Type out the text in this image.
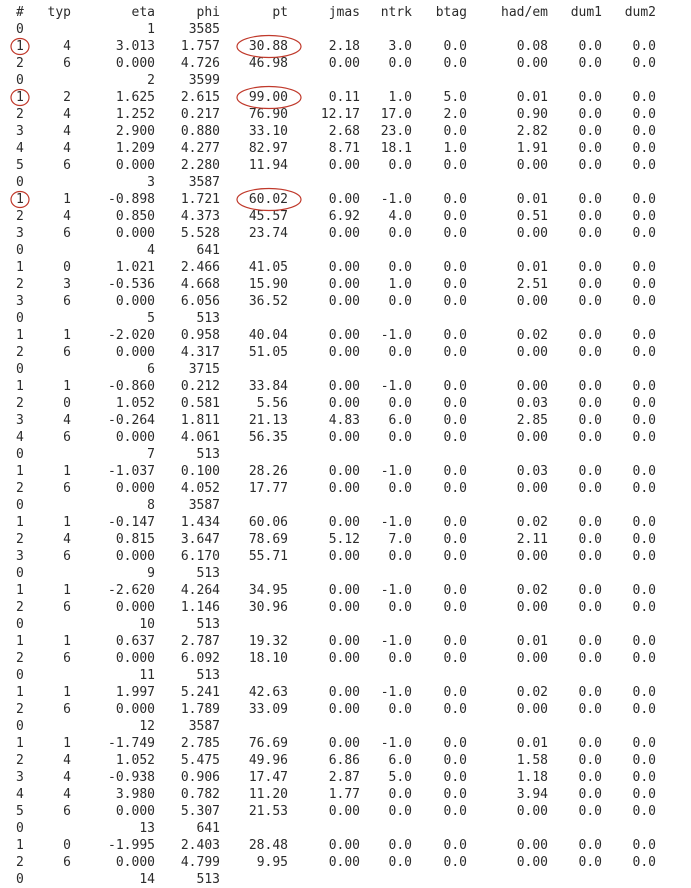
# typ	eta	phi	pt	jmas ntrk btag	had/em dum1 dum2
0	1	3585
1	4	3.013 1.757 30.88	2.18 3.0 0.0	0.08 0.0 0.0
2	6	0.000 4.726 46.98	0.00 0.0 0.0	0.00 0.0 0.0
0	2	3599
1	2	1.625 2.615 99.00	0.11 1.0 5.0	0.01 0.0 0.0
2	4	1.252 0.217 76.90	12.17 17.0 2.0	0.90 0.0 0.0
3	4	2.900 0.880 33.10	2.68 23.0 0.0	2.82 0.0 0.0
4	4	1.209 4.277 82.97	8.71 18.1 1.0	1.91 0.0 0.0
5	6	0.000 2.280 11.94	0.00 0.0 0.0	0.00 0.0 0.0
0	3	3587
1	1	-0.898 1.721 60.02	0.00 -1.0 0.0	0.01 0.0 0.0
2	4	0.850 4.373 45.57	6.92 4.0 0.0	0.51 0.0 0.0
3	6	0.000 5.528 23.74	0.00 0.0 0.0	0.00 0.0 0.0
0	4	641
1	0	1.021 2.466 41.05	0.00 0.0 0.0	0.01 0.0 0.0
2	3	-0.536 4.668 15.90	0.00 1.0 0.0	2.51 0.0 0.0
3	6	0.000 6.056 36.52	0.00 0.0 0.0	0.00 0.0 0.0
0	5	513
1	1	-2.020 0.958 40.04	0.00 -1.0 0.0	0.02 0.0 0.0
2	6	0.000 4.317 51.05	0.00 0.0 0.0	0.00 0.0 0.0
0	6	3715
1	1	-0.860 0.212 33.84	0.00 -1.0 0.0	0.00 0.0 0.0
2	0	1.052 0.581	5.56	0.00 0.0 0.0	0.03 0.0 0.0
3	4	-0.264 1.811 21.13	4.83 6.0 0.0	2.85 0.0 0.0
4	6	0.000 4.061 56.35	0.00 0.0 0.0	0.00 0.0 0.0
0	7	513
1	1	-1.037 0.100 28.26	0.00 -1.0 0.0	0.03 0.0 0.0
2	6	0.000 4.052 17.77	0.00 0.0 0.0	0.00 0.0 0.0
0	8	3587
1	1	-0.147 1.434 60.06	0.00 -1.0 0.0	0.02 0.0 0.0
2	4	0.815 3.647 78.69	5.12 7.0 0.0	2.11 0.0 0.0
3	6	0.000 6.170 55.71	0.00 0.0 0.0	0.00 0.0 0.0
0	9	513
1	1	-2.620 4.264 34.95	0.00 -1.0 0.0	0.02 0.0 0.0
2	6	0.000 1.146 30.96	0.00 0.0 0.0	0.00 0.0 0.0
0	10	513
1	1	0.637 2.787 19.32	0.00 -1.0 0.0	0.01 0.0 0.0
2	6	0.000 6.092 18.10	0.00 0.0 0.0	0.00 0.0 0.0
0	11	513
1	1	1.997 5.241 42.63	0.00 -1.0 0.0	0.02 0.0 0.0
2	6	0.000 1.789 33.09	0.00 0.0 0.0	0.00 0.0 0.0
0	12	3587
1	1	-1.749 2.785 76.69	0.00 -1.0 0.0	0.01 0.0 0.0
2	4	1.052 5.475 49.96	6.86 6.0 0.0	1.58 0.0 0.0
3	4	-0.938 0.906 17.47	2.87 5.0 0.0	1.18 0.0 0.0
4	4	3.980 0.782 11.20	1.77 0.0 0.0	3.94 0.0 0.0
5	6	0.000 5.307 21.53	0.00 0.0 0.0	0.00 0.0 0.0
0	13	641
1	0	-1.995 2.403 28.48	0.00 0.0 0.0	0.00 0.0 0.0
2	6	0.000 4.799	9.95	0.00 0.0 0.0	0.00 0.0 0.0
0	14	513
